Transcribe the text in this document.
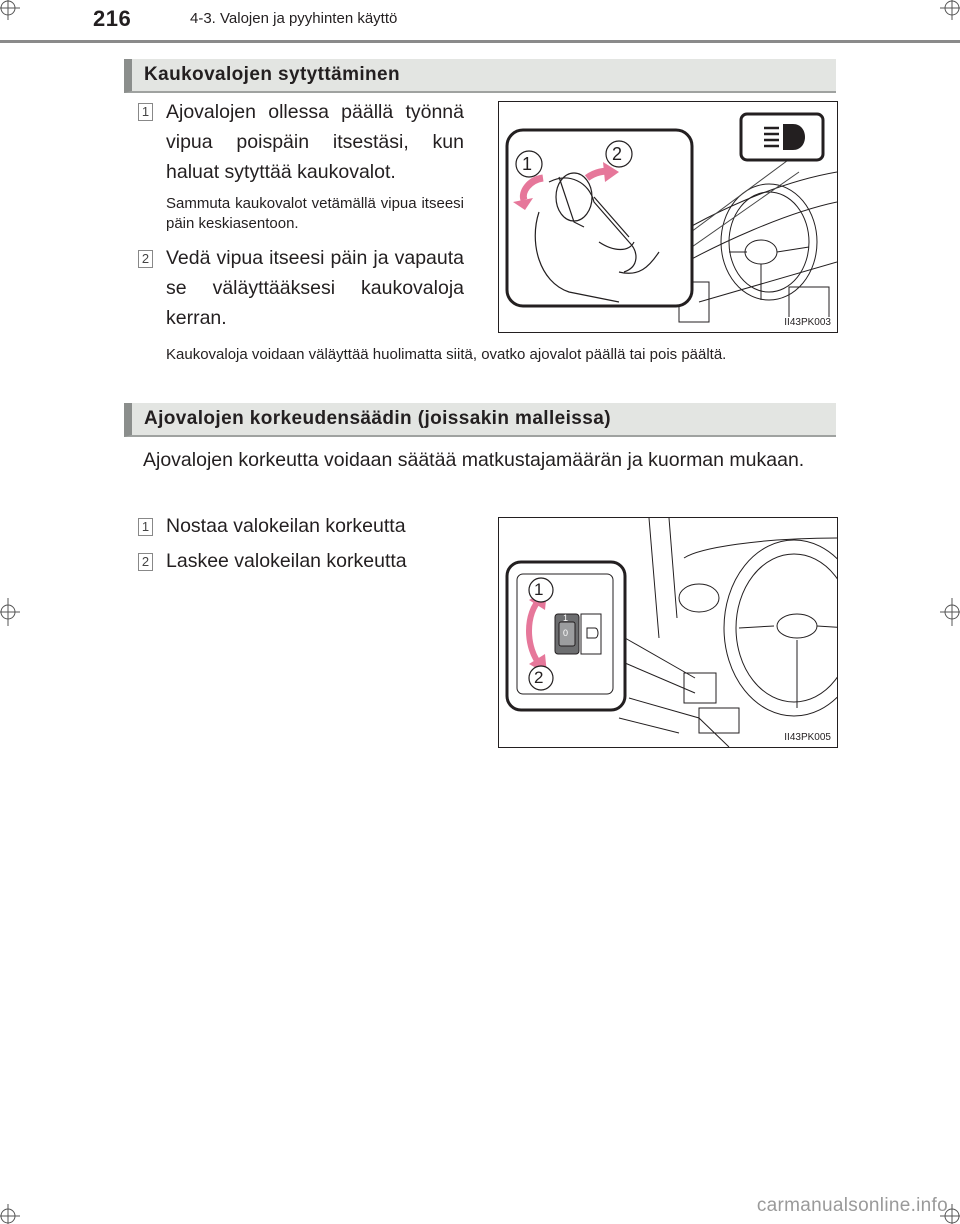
216	4-3. Valojen ja pyyhinten käyttö
Kaukovalojen sytyttäminen
1 Ajovalojen ollessa päällä työnnä vipua poispäin itsestäsi, kun haluat sytyttää kaukovalot.
Sammuta kaukovalot vetämällä vipua itseesi päin keskiasentoon.
2 Vedä vipua itseesi päin ja vapauta se väläyttääksesi kaukovaloja kerran.
Kaukovaloja voidaan väläyttää huolimatta siitä, ovatko ajovalot päällä tai pois päältä.
1	2
II43PK003
Ajovalojen korkeudensäädin (joissakin malleissa)
Ajovalojen korkeutta voidaan säätää matkustajamäärän ja kuorman mukaan.
1 Nostaa valokeilan korkeutta
2 Laskee valokeilan korkeutta
1
2
1
0
II43PK005
carmanualsonline.info
